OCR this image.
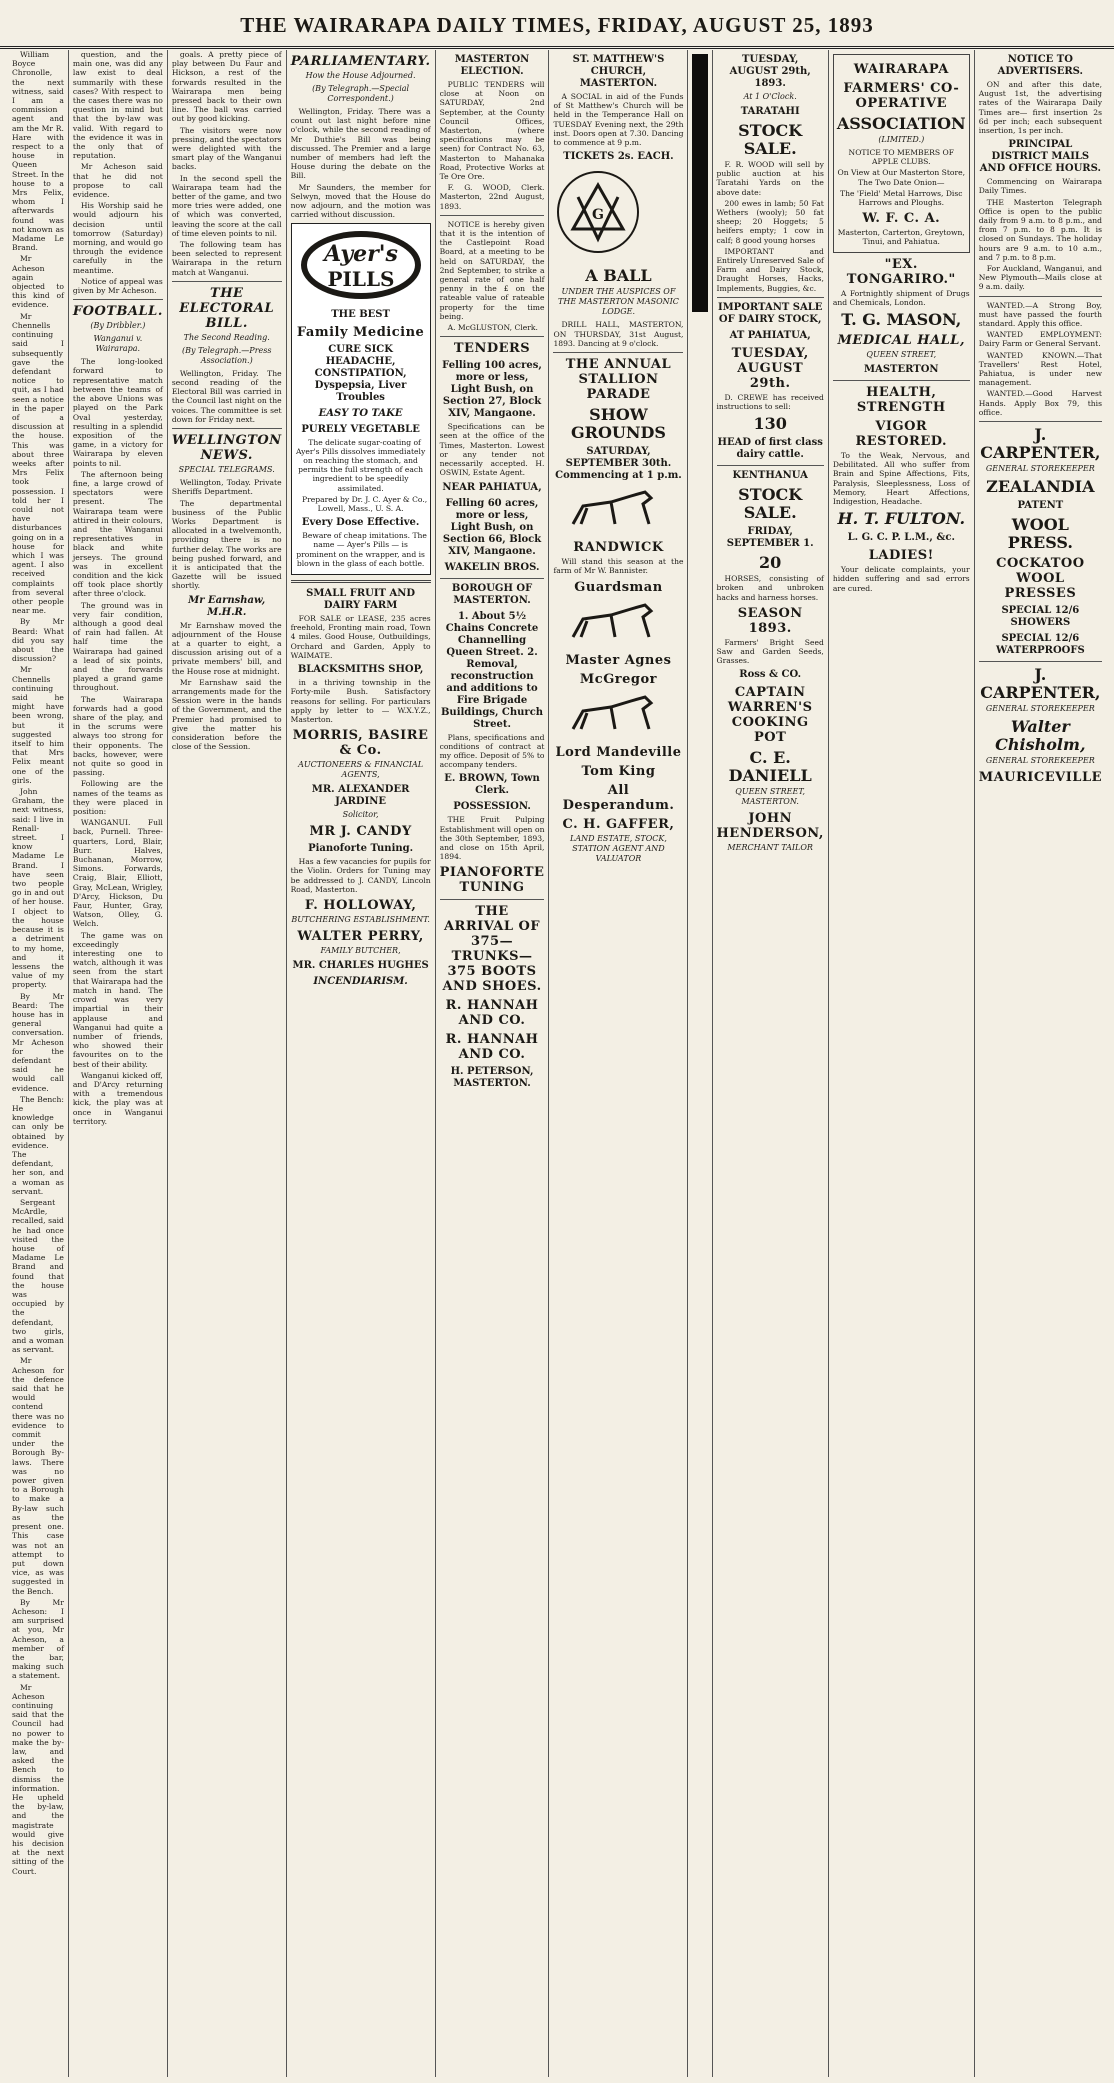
THE WAIRARAPA DAILY TIMES, FRIDAY, AUGUST 25, 1893

William Boyce Chronolle, the next witness, said I am a commission agent and am the Mr R. Hare with respect to a house in Queen Street. In the house to a Mrs Felix, whom I afterwards found was not known as Madame Le Brand.

Mr Acheson again objected to this kind of evidence.

Mr Chennells continuing said I subsequently gave the defendant notice to quit, as I had seen a notice in the paper of a discussion at the house. This was about three weeks after Mrs Felix took possession. I told her I could not have disturbances going on in a house for which I was agent. I also received complaints from several other people near me.

By Mr Beard: What did you say about the discussion?

Mr Chennells continuing said he might have been wrong, but it suggested itself to him that Mrs Felix meant one of the girls.

John Graham, the next witness, said: I live in Renall-street. I know Madame Le Brand. I have seen two people go in and out of her house. I object to the house because it is a detriment to my home, and it lessens the value of my property.

By Mr Beard: The house has in general conversation. Mr Acheson for the defendant said he would call evidence.

The Bench: He knowledge can only be obtained by evidence. The defendant, her son, and a woman as servant.

Sergeant McArdle, recalled, said he had once visited the house of Madame Le Brand and found that the house was occupied by the defendant, two girls, and a woman as servant.

Mr Acheson for the defence said that he would contend there was no evidence to commit under the Borough By-laws. There was no power given to a Borough to make a By-law such as the present one. This case was not an attempt to put down vice, as was suggested in the Bench.

By Mr Acheson: I am surprised at you, Mr Acheson, a member of the bar, making such a statement.

Mr Acheson continuing said that the Council had no power to make the by-law, and asked the Bench to dismiss the information. He upheld the by-law, and the magistrate would give his decision at the next sitting of the Court.

question, and the main one, was did any law exist to deal summarily with these cases? With respect to the cases there was no question in mind but that the by-law was valid. With regard to the evidence it was in the only that of reputation.

Mr Acheson said that he did not propose to call evidence.

His Worship said he would adjourn his decision until tomorrow (Saturday) morning, and would go through the evidence carefully in the meantime.

Notice of appeal was given by Mr Acheson.

FOOTBALL.
(By Dribbler.)
Wanganui v. Wairarapa.

The long-looked forward to representative match between the teams of the above Unions was played on the Park Oval yesterday, resulting in a splendid exposition of the game, in a victory for Wairarapa by eleven points to nil.

The afternoon being fine, a large crowd of spectators were present. The Wairarapa team were attired in their colours, and the Wanganui representatives in black and white jerseys. The ground was in excellent condition and the kick off took place shortly after three o'clock.

The ground was in very fair condition, although a good deal of rain had fallen. At half time the Wairarapa had gained a lead of six points, and the forwards played a grand game throughout.

The Wairarapa forwards had a good share of the play, and in the scrums were always too strong for their opponents. The backs, however, were not quite so good in passing.

Following are the names of the teams as they were placed in position:

WANGANUI. Full back, Purnell. Three-quarters, Lord, Blair, Burr. Halves, Buchanan, Morrow, Simons. Forwards, Craig, Blair, Elliott, Gray, McLean, Wrigley, D'Arcy, Hickson, Du Faur, Hunter, Gray, Watson, Olley, G. Welch.

The game was on exceedingly interesting one to watch, although it was seen from the start that Wairarapa had the match in hand. The crowd was very impartial in their applause and Wanganui had quite a number of friends, who showed their favourites on to the best of their ability.

Wanganui kicked off, and D'Arcy returning with a tremendous kick, the play was at once in Wanganui territory.

goals. A pretty piece of play between Du Faur and Hickson, a rest of the forwards resulted in the Wairarapa men being pressed back to their own line. The ball was carried out by good kicking.

The visitors were now pressing, and the spectators were delighted with the smart play of the Wanganui backs.

In the second spell the Wairarapa team had the better of the game, and two more tries were added, one of which was converted, leaving the score at the call of time eleven points to nil.

The following team has been selected to represent Wairarapa in the return match at Wanganui.

THE ELECTORAL BILL.
The Second Reading.
(By Telegraph.—Press Association.)

Wellington, Friday. The second reading of the Electoral Bill was carried in the Council last night on the voices. The committee is set down for Friday next.

WELLINGTON NEWS.
SPECIAL TELEGRAMS.

Wellington, Today. Private Sheriffs Department.

The departmental business of the Public Works Department is allocated in a twelvemonth, providing there is no further delay. The works are being pushed forward, and it is anticipated that the Gazette will be issued shortly.

Mr Earnshaw, M.H.R.

Mr Earnshaw moved the adjournment of the House at a quarter to eight, a discussion arising out of a private members' bill, and the House rose at midnight.

Mr Earnshaw said the arrangements made for the Session were in the hands of the Government, and the Premier had promised to give the matter his consideration before the close of the Session.

PARLIAMENTARY.
How the House Adjourned.
(By Telegraph.—Special Correspondent.)

Wellington, Friday. There was a count out last night before nine o'clock, while the second reading of Mr Duthie's Bill was being discussed. The Premier and a large number of members had left the House during the debate on the Bill.

Mr Saunders, the member for Selwyn, moved that the House do now adjourn, and the motion was carried without discussion.

Ayer's
PILLS
THE BEST
Family Medicine
CURE SICK HEADACHE, CONSTIPATION, Dyspepsia, Liver Troubles
EASY TO TAKE
PURELY VEGETABLE

The delicate sugar-coating of Ayer's Pills dissolves immediately on reaching the stomach, and permits the full strength of each ingredient to be speedily assimilated.

Prepared by Dr. J. C. Ayer & Co., Lowell, Mass., U. S. A.

Every Dose Effective.

Beware of cheap imitations. The name — Ayer's Pills — is prominent on the wrapper, and is blown in the glass of each bottle.

SMALL FRUIT AND DAIRY FARM

FOR SALE or LEASE, 235 acres freehold, Fronting main road, Town 4 miles. Good House, Outbuildings, Orchard and Garden, Apply to WAIMATE.

BLACKSMITHS SHOP,

in a thriving township in the Forty-mile Bush. Satisfactory reasons for selling. For particulars apply by letter to — W.X.Y.Z., Masterton.

MORRIS, BASIRE & Co.
AUCTIONEERS & FINANCIAL AGENTS,
MR. ALEXANDER JARDINE
Solicitor,
MR J. CANDY
Pianoforte Tuning.

Has a few vacancies for pupils for the Violin. Orders for Tuning may be addressed to J. CANDY, Lincoln Road, Masterton.

F. HOLLOWAY,
BUTCHERING ESTABLISHMENT.
WALTER PERRY,
FAMILY BUTCHER,
MR. CHARLES HUGHES
INCENDIARISM.
MASTERTON ELECTION.

PUBLIC TENDERS will close at Noon on SATURDAY, 2nd September, at the County Council Offices, Masterton, (where specifications may be seen) for Contract No. 63, Masterton to Mahanaka Road, Protective Works at Te Ore Ore.

F. G. WOOD, Clerk. Masterton, 22nd August, 1893.

NOTICE is hereby given that it is the intention of the Castlepoint Road Board, at a meeting to be held on SATURDAY, the 2nd September, to strike a general rate of one half penny in the £ on the rateable value of rateable property for the time being.

A. McGLUSTON, Clerk.

TENDERS
Felling 100 acres, more or less, Light Bush, on Section 27, Block XIV, Mangaone.

Specifications can be seen at the office of the Times, Masterton. Lowest or any tender not necessarily accepted. H. OSWIN, Estate Agent.

NEAR PAHIATUA,
Felling 60 acres, more or less, Light Bush, on Section 66, Block XIV, Mangaone.
WAKELIN BROS.
BOROUGH OF MASTERTON.
1. About 5½ Chains Concrete Channelling Queen Street. 2. Removal, reconstruction and additions to Fire Brigade Buildings, Church Street.

Plans, specifications and conditions of contract at my office. Deposit of 5% to accompany tenders.

E. BROWN, Town Clerk.
POSSESSION.

THE Fruit Pulping Establishment will open on the 30th September, 1893, and close on 15th April, 1894.

PIANOFORTE TUNING
THE ARRIVAL OF 375—TRUNKS—375 BOOTS AND SHOES.
R. HANNAH AND CO.
R. HANNAH AND CO.
H. PETERSON, MASTERTON.
ST. MATTHEW'S CHURCH, MASTERTON.

A SOCIAL in aid of the Funds of St Matthew's Church will be held in the Temperance Hall on TUESDAY Evening next, the 29th inst. Doors open at 7.30. Dancing to commence at 9 p.m.

TICKETS 2s. EACH.
G
A BALL
UNDER THE AUSPICES OF THE MASTERTON MASONIC LODGE.

DRILL HALL, MASTERTON, ON THURSDAY, 31st August, 1893. Dancing at 9 o'clock.

THE ANNUAL STALLION PARADE
SHOW GROUNDS
SATURDAY, SEPTEMBER 30th. Commencing at 1 p.m.
RANDWICK

Will stand this season at the farm of Mr W. Bannister.

Guardsman
Master Agnes
McGregor
Lord Mandeville
Tom King
All Desperandum.
C. H. GAFFER,
LAND ESTATE, STOCK, STATION AGENT AND VALUATOR
TUESDAY, AUGUST 29th, 1893.
At 1 O'Clock.
TARATAHI
STOCK SALE.

F. R. WOOD will sell by public auction at his Taratahi Yards on the above date:

200 ewes in lamb; 50 Fat Wethers (wooly); 50 fat sheep; 20 Hoggets; 5 heifers empty; 1 cow in calf; 8 good young horses

IMPORTANT and Entirely Unreserved Sale of Farm and Dairy Stock, Draught Horses, Hacks, Implements, Buggies, &c.

IMPORTANT SALE OF DAIRY STOCK,
AT PAHIATUA,
TUESDAY, AUGUST 29th.

D. CREWE has received instructions to sell:

130
HEAD of first class dairy cattle.
KENTHANUA
STOCK SALE.
FRIDAY, SEPTEMBER 1.
20

HORSES, consisting of broken and unbroken hacks and harness horses.

SEASON 1893.

Farmers' Bright Seed Saw and Garden Seeds, Grasses.

Ross & CO.
CAPTAIN WARREN'S COOKING POT
C. E. DANIELL
QUEEN STREET, MASTERTON.
JOHN HENDERSON,
MERCHANT TAILOR
WAIRARAPA
FARMERS' CO-OPERATIVE
ASSOCIATION
(LIMITED.)

NOTICE TO MEMBERS OF APPLE CLUBS.

On View at Our Masterton Store, The Two Date Onion—

The 'Field' Metal Harrows, Disc Harrows and Ploughs.

W. F. C. A.

Masterton, Carterton, Greytown, Tinui, and Pahiatua.

"EX. TONGARIRO."

A Fortnightly shipment of Drugs and Chemicals, London.

T. G. MASON,
MEDICAL HALL,
QUEEN STREET,
MASTERTON
HEALTH, STRENGTH
VIGOR RESTORED.

To the Weak, Nervous, and Debilitated. All who suffer from Brain and Spine Affections, Fits, Paralysis, Sleeplessness, Loss of Memory, Heart Affections, Indigestion, Headache.

H. T. FULTON.
L. G. C. P. L.M., &c.
LADIES!

Your delicate complaints, your hidden suffering and sad errors are cured.

NOTICE TO ADVERTISERS.

ON and after this date, August 1st, the advertising rates of the Wairarapa Daily Times are— first insertion 2s 6d per inch; each subsequent insertion, 1s per inch.

PRINCIPAL DISTRICT MAILS AND OFFICE HOURS.

Commencing on Wairarapa Daily Times.

THE Masterton Telegraph Office is open to the public daily from 9 a.m. to 8 p.m., and from 7 p.m. to 8 p.m. It is closed on Sundays. The holiday hours are 9 a.m. to 10 a.m., and 7 p.m. to 8 p.m.

For Auckland, Wanganui, and New Plymouth—Mails close at 9 a.m. daily.

WANTED.—A Strong Boy, must have passed the fourth standard. Apply this office.

WANTED EMPLOYMENT: Dairy Farm or General Servant.

WANTED KNOWN.—That Travellers' Rest Hotel, Pahiatua, is under new management.

WANTED.—Good Harvest Hands. Apply Box 79, this office.

J. CARPENTER,
GENERAL STOREKEEPER
ZEALANDIA
PATENT
WOOL PRESS.
COCKATOO WOOL PRESSES
SPECIAL 12/6 SHOWERS
SPECIAL 12/6 WATERPROOFS
J. CARPENTER,
GENERAL STOREKEEPER
Walter Chisholm,
GENERAL STOREKEEPER
MAURICEVILLE
